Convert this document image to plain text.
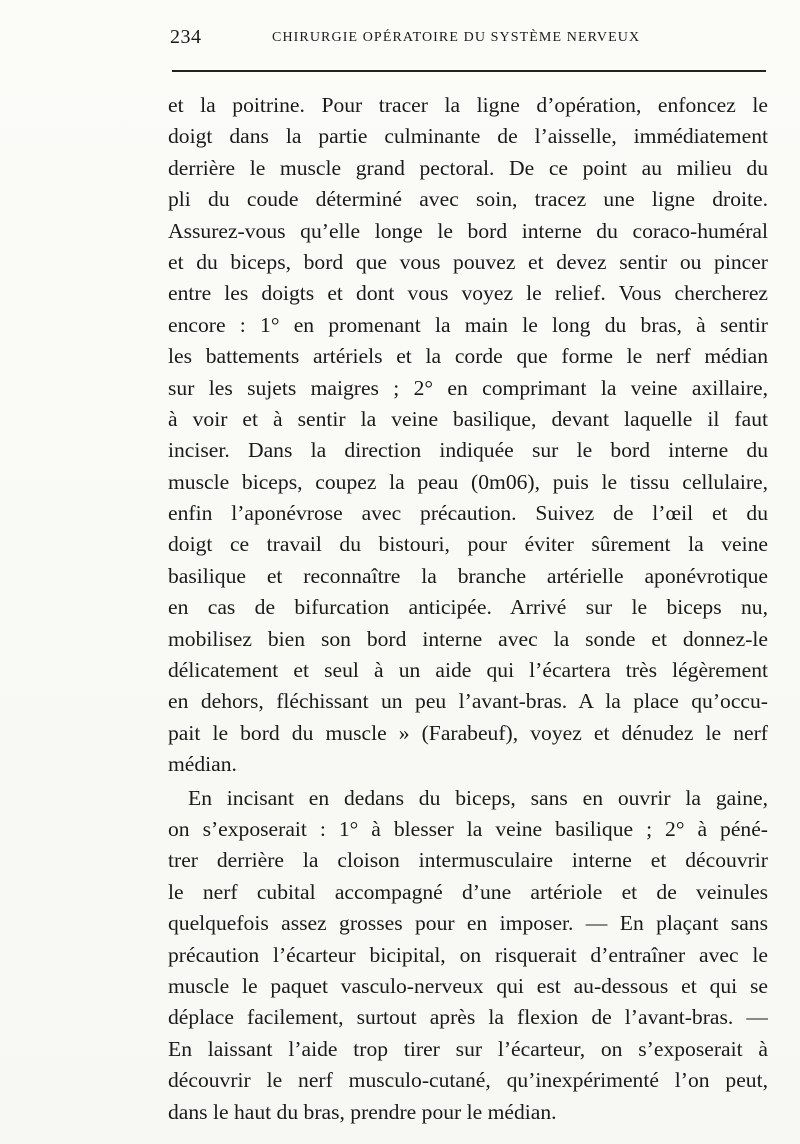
234	CHIRURGIE OPÉRATOIRE DU SYSTÈME NERVEUX
et la poitrine. Pour tracer la ligne d’opération, enfoncez le
doigt dans la partie culminante de l’aisselle, immédiatement
derrière le muscle grand pectoral. De ce point au milieu du
pli du coude déterminé avec soin, tracez une ligne droite.
Assurez-vous qu’elle longe le bord interne du coraco-huméral
et du biceps, bord que vous pouvez et devez sentir ou pincer
entre les doigts et dont vous voyez le relief. Vous chercherez
encore : 1° en promenant la main le long du bras, à sentir
les battements artériels et la corde que forme le nerf médian
sur les sujets maigres ; 2° en comprimant la veine axillaire,
à voir et à sentir la veine basilique, devant laquelle il faut
inciser. Dans la direction indiquée sur le bord interne du
muscle biceps, coupez la peau (0m06), puis le tissu cellulaire,
enfin l’aponévrose avec précaution. Suivez de l’œil et du
doigt ce travail du bistouri, pour éviter sûrement la veine
basilique et reconnaître la branche artérielle aponévrotique
en cas de bifurcation anticipée. Arrivé sur le biceps nu,
mobilisez bien son bord interne avec la sonde et donnez-le
délicatement et seul à un aide qui l’écartera très légèrement
en dehors, fléchissant un peu l’avant-bras. A la place qu’occu-
pait le bord du muscle » (Farabeuf), voyez et dénudez le nerf
médian.
En incisant en dedans du biceps, sans en ouvrir la gaine,
on s’exposerait : 1° à blesser la veine basilique ; 2° à péné-
trer derrière la cloison intermusculaire interne et découvrir
le nerf cubital accompagné d’une artériole et de veinules
quelquefois assez grosses pour en imposer. — En plaçant sans
précaution l’écarteur bicipital, on risquerait d’entraîner avec le
muscle le paquet vasculo-nerveux qui est au-dessous et qui se
déplace facilement, surtout après la flexion de l’avant-bras. —
En laissant l’aide trop tirer sur l’écarteur, on s’exposerait à
découvrir le nerf musculo-cutané, qu’inexpérimenté l’on peut,
dans le haut du bras, prendre pour le médian.
